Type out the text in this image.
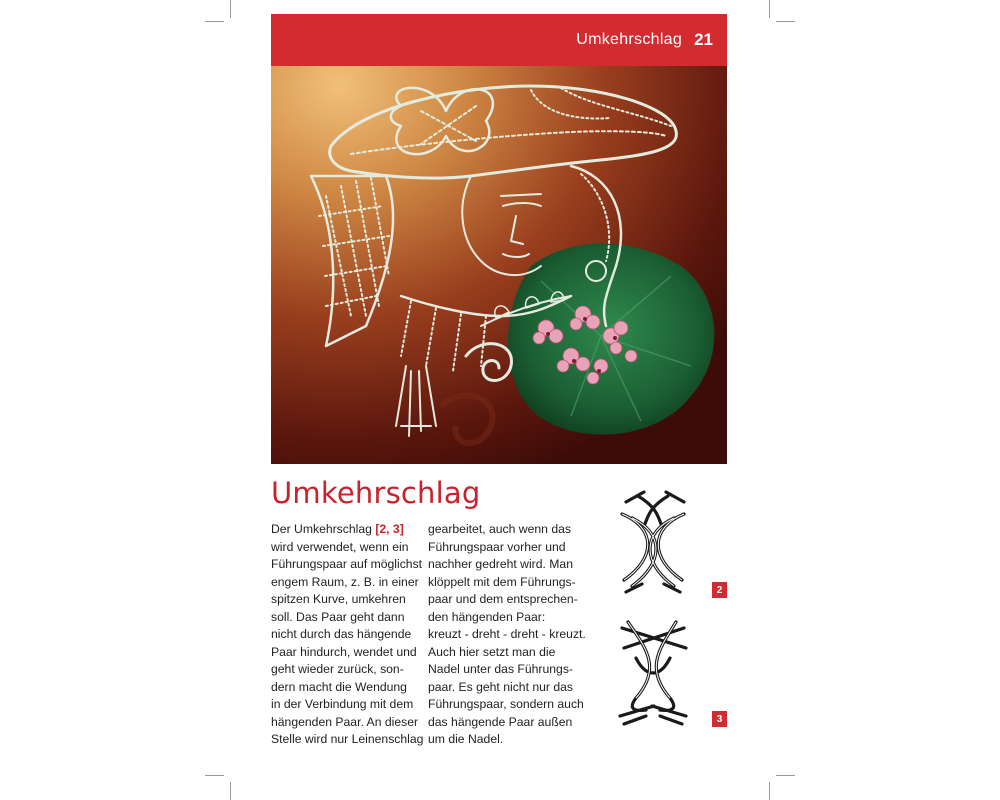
Umkehrschlag 21
Umkehrschlag
Der Umkehrschlag [2, 3]
wird verwendet, wenn ein
Führungspaar auf möglichst
engem Raum, z. B. in einer
spitzen Kurve, umkehren
soll. Das Paar geht dann
nicht durch das hängende
Paar hindurch, wendet und
geht wieder zurück, son-
dern macht die Wendung
in der Verbindung mit dem
hängenden Paar. An dieser
Stelle wird nur Leinenschlag
gearbeitet, auch wenn das
Führungspaar vorher und
nachher gedreht wird. Man
klöppelt mit dem Führungs-
paar und dem entsprechen-
den hängenden Paar:
kreuzt - dreht - dreht - kreuzt.
Auch hier setzt man die
Nadel unter das Führungs-
paar. Es geht nicht nur das
Führungspaar, sondern auch
das hängende Paar außen
um die Nadel.
2
3
